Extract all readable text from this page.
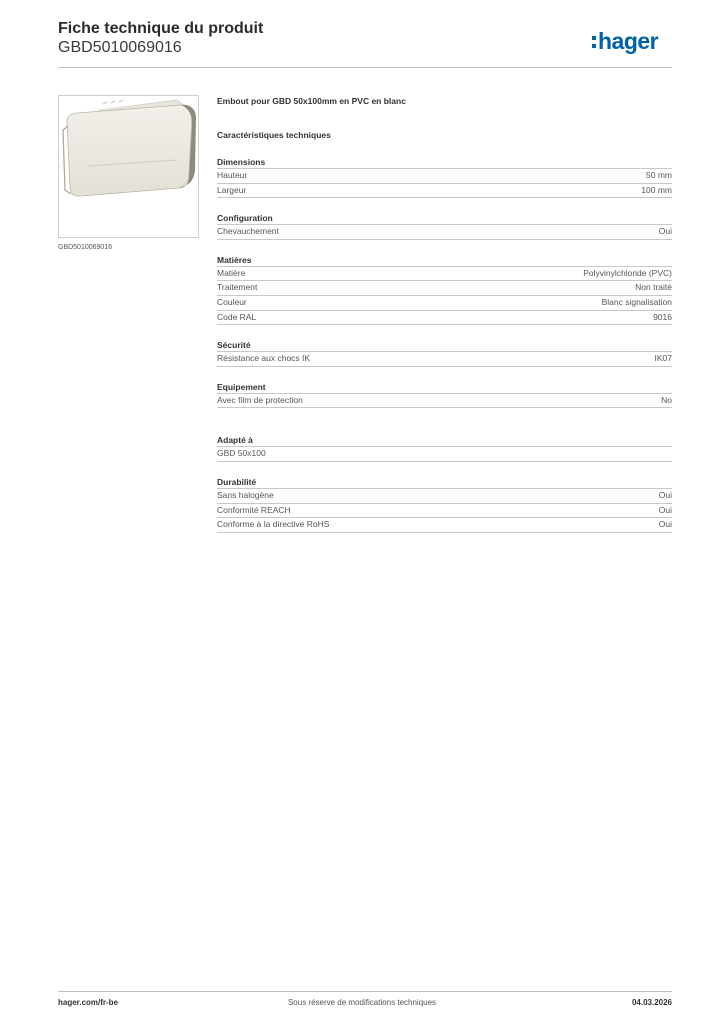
Fiche technique du produit
GBD5010069016	hager
GBD5010069016
Embout pour GBD 50x100mm en PVC en blanc
Caractéristiques techniques
Dimensions
Hauteur	50 mm
Largeur	100 mm
Configuration
Chevauchement	Oui
Matières
Matière	Polyvinylchloride (PVC)
Traitement	Non traité
Couleur	Blanc signalisation
Code RAL	9016
Sécurité
Résistance aux chocs IK	IK07
Equipement
Avec film de protection	No
Adapté à
GBD 50x100
Durabilité
Sans halogène	Oui
Conformité REACH	Oui
Conforme à la directive RoHS	Oui
hager.com/fr-be	Sous réserve de modifications techniques	04.03.2026
